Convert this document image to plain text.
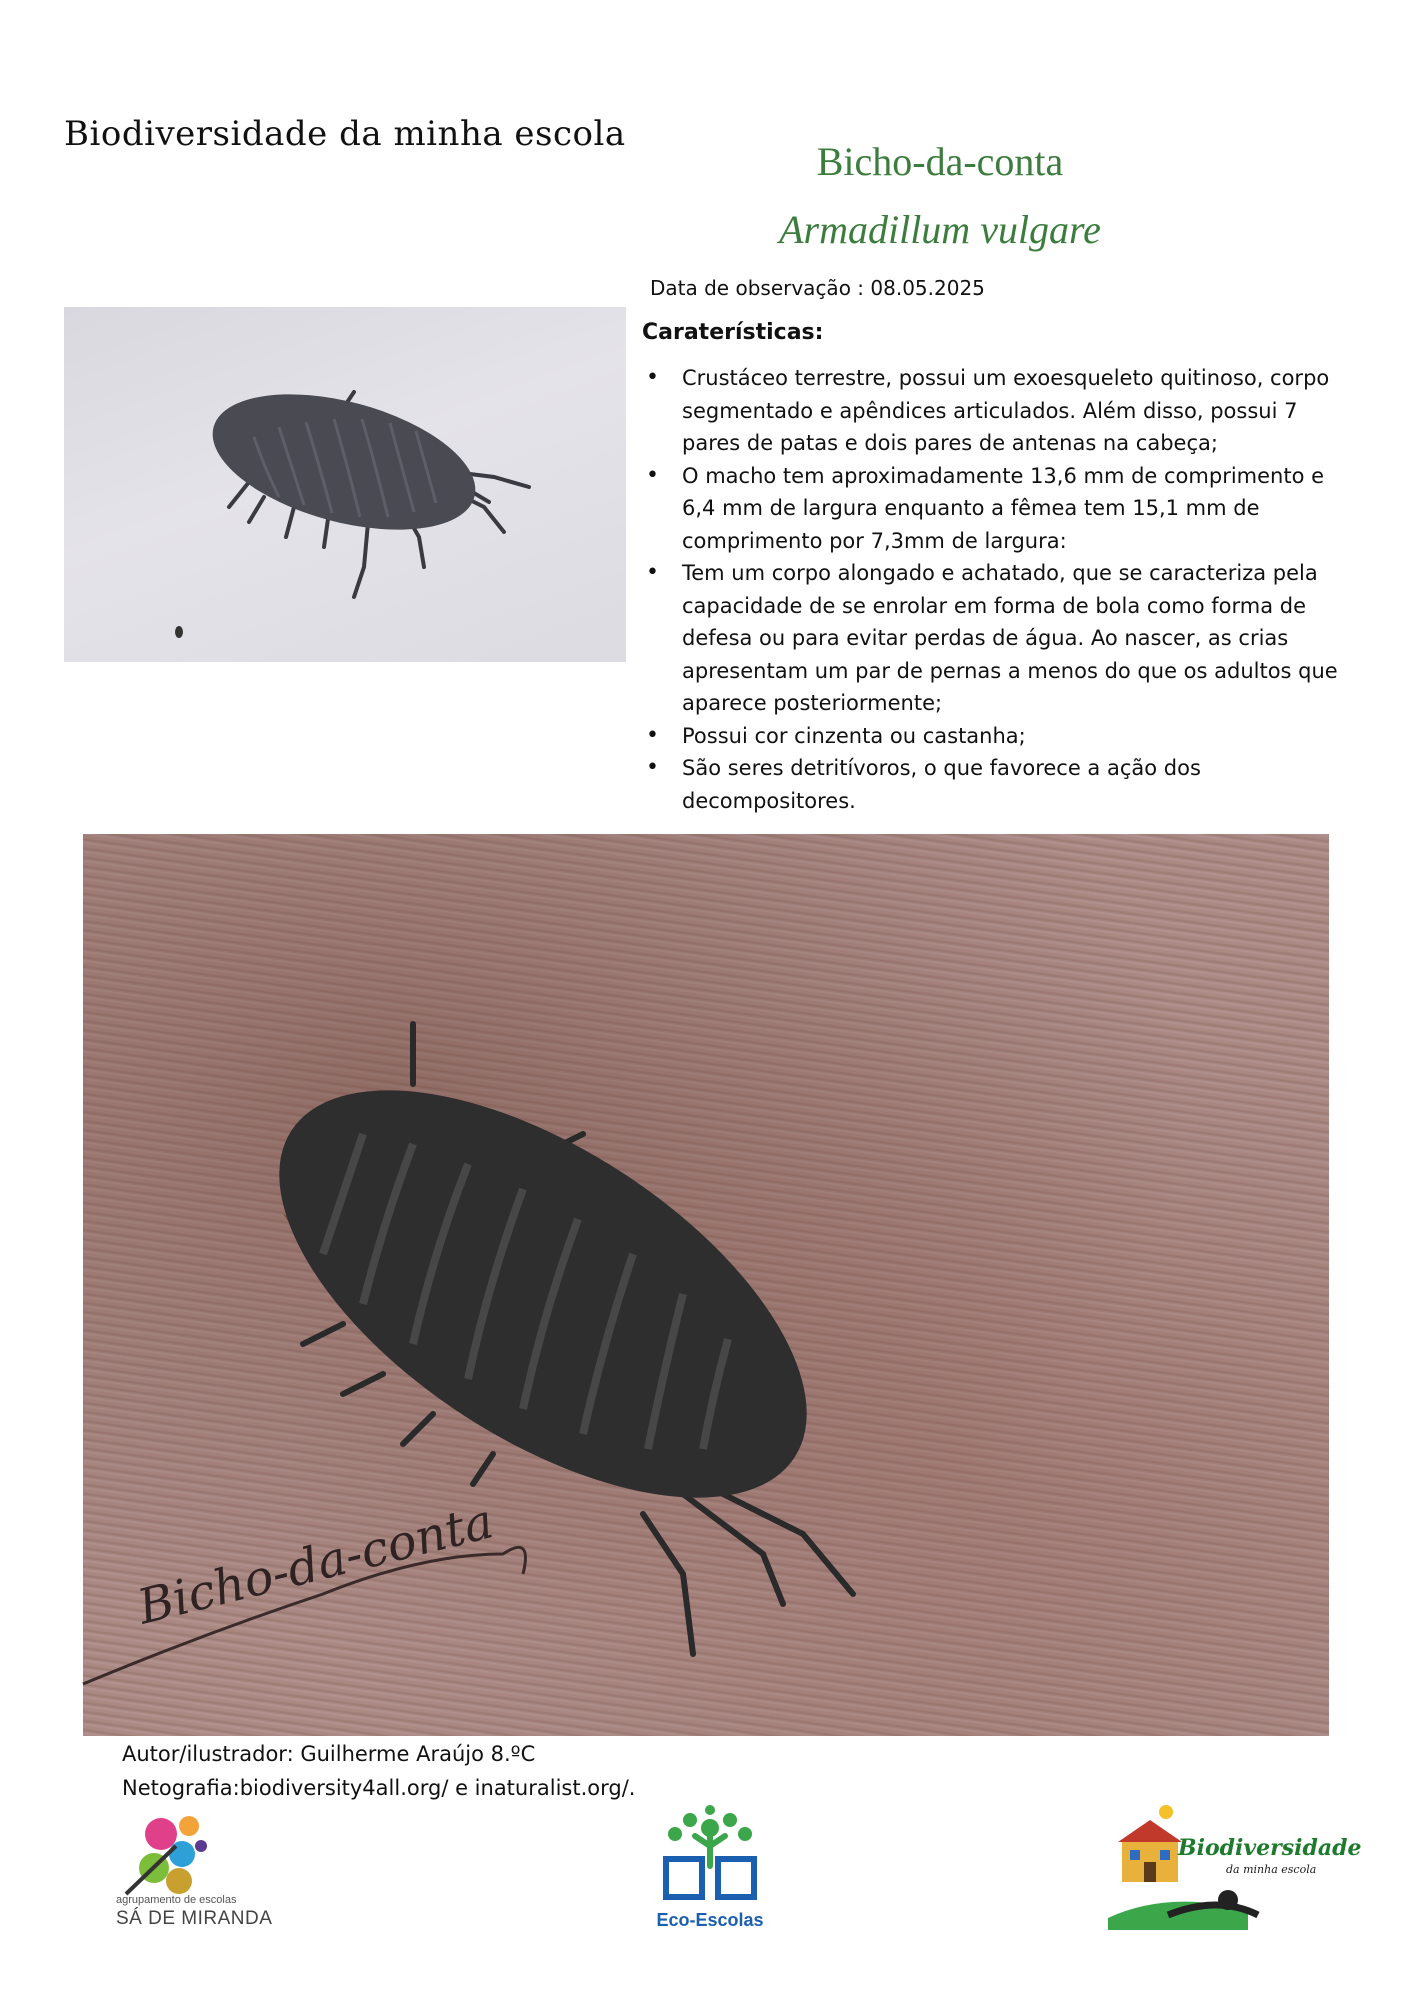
Biodiversidade da minha escola
Bicho-da-conta
Armadillum vulgare
Data de observação : 08.05.2025
Caraterísticas:
• Crustáceo terrestre, possui um exoesqueleto quitinoso, corpo segmentado e apêndices articulados. Além disso, possui 7 pares de patas e dois pares de antenas na cabeça;
• O macho tem aproximadamente 13,6 mm de comprimento e 6,4 mm de largura enquanto a fêmea tem 15,1 mm de comprimento por 7,3mm de largura:
• Tem um corpo alongado e achatado, que se caracteriza pela capacidade de se enrolar em forma de bola como forma de defesa ou para evitar perdas de água. Ao nascer, as crias apresentam um par de pernas a menos do que os adultos que aparece posteriormente;
• Possui cor cinzenta ou castanha;
• São seres detritívoros, o que favorece a ação dos decompositores.
Bicho-da-conta
Autor/ilustrador: Guilherme Araújo 8.ºC
Netografia:biodiversity4all.org/ e inaturalist.org/.
agrupamento de escolas
SÁ DE MIRANDA	Eco-Escolas
Biodiversidade
da minha escola
